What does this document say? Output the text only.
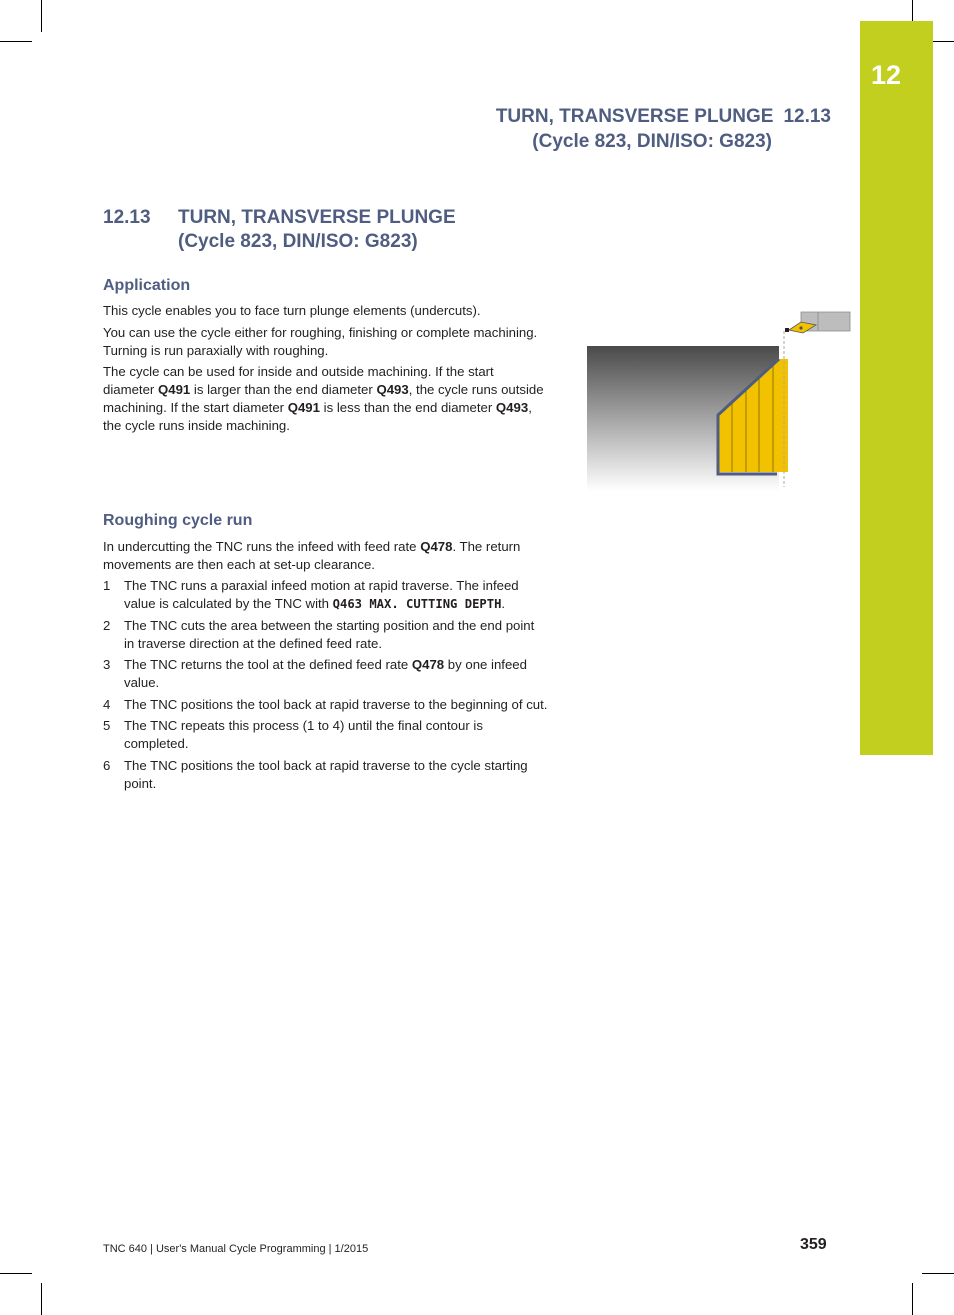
12
TURN, TRANSVERSE PLUNGE 12.13
(Cycle 823, DIN/ISO: G823)
12.13 TURN, TRANSVERSE PLUNGE
(Cycle 823, DIN/ISO: G823)
Application

This cycle enables you to face turn plunge elements (undercuts).

You can use the cycle either for roughing, finishing or complete machining. Turning is run paraxially with roughing.

The cycle can be used for inside and outside machining. If the start diameter Q491 is larger than the end diameter Q493, the cycle runs outside machining. If the start diameter Q491 is less than the end diameter Q493, the cycle runs inside machining.

Roughing cycle run

In undercutting the TNC runs the infeed with feed rate Q478. The return movements are then each at set-up clearance.

1 The TNC runs a paraxial infeed motion at rapid traverse. The infeed value is calculated by the TNC with Q463 MAX. CUTTING DEPTH.
2 The TNC cuts the area between the starting position and the end point in traverse direction at the defined feed rate.
3 The TNC returns the tool at the defined feed rate Q478 by one infeed value.
4 The TNC positions the tool back at rapid traverse to the beginning of cut.
5 The TNC repeats this process (1 to 4) until the final contour is completed.
6 The TNC positions the tool back at rapid traverse to the cycle starting point.
TNC 640 | User's Manual Cycle Programming | 1/2015	359
